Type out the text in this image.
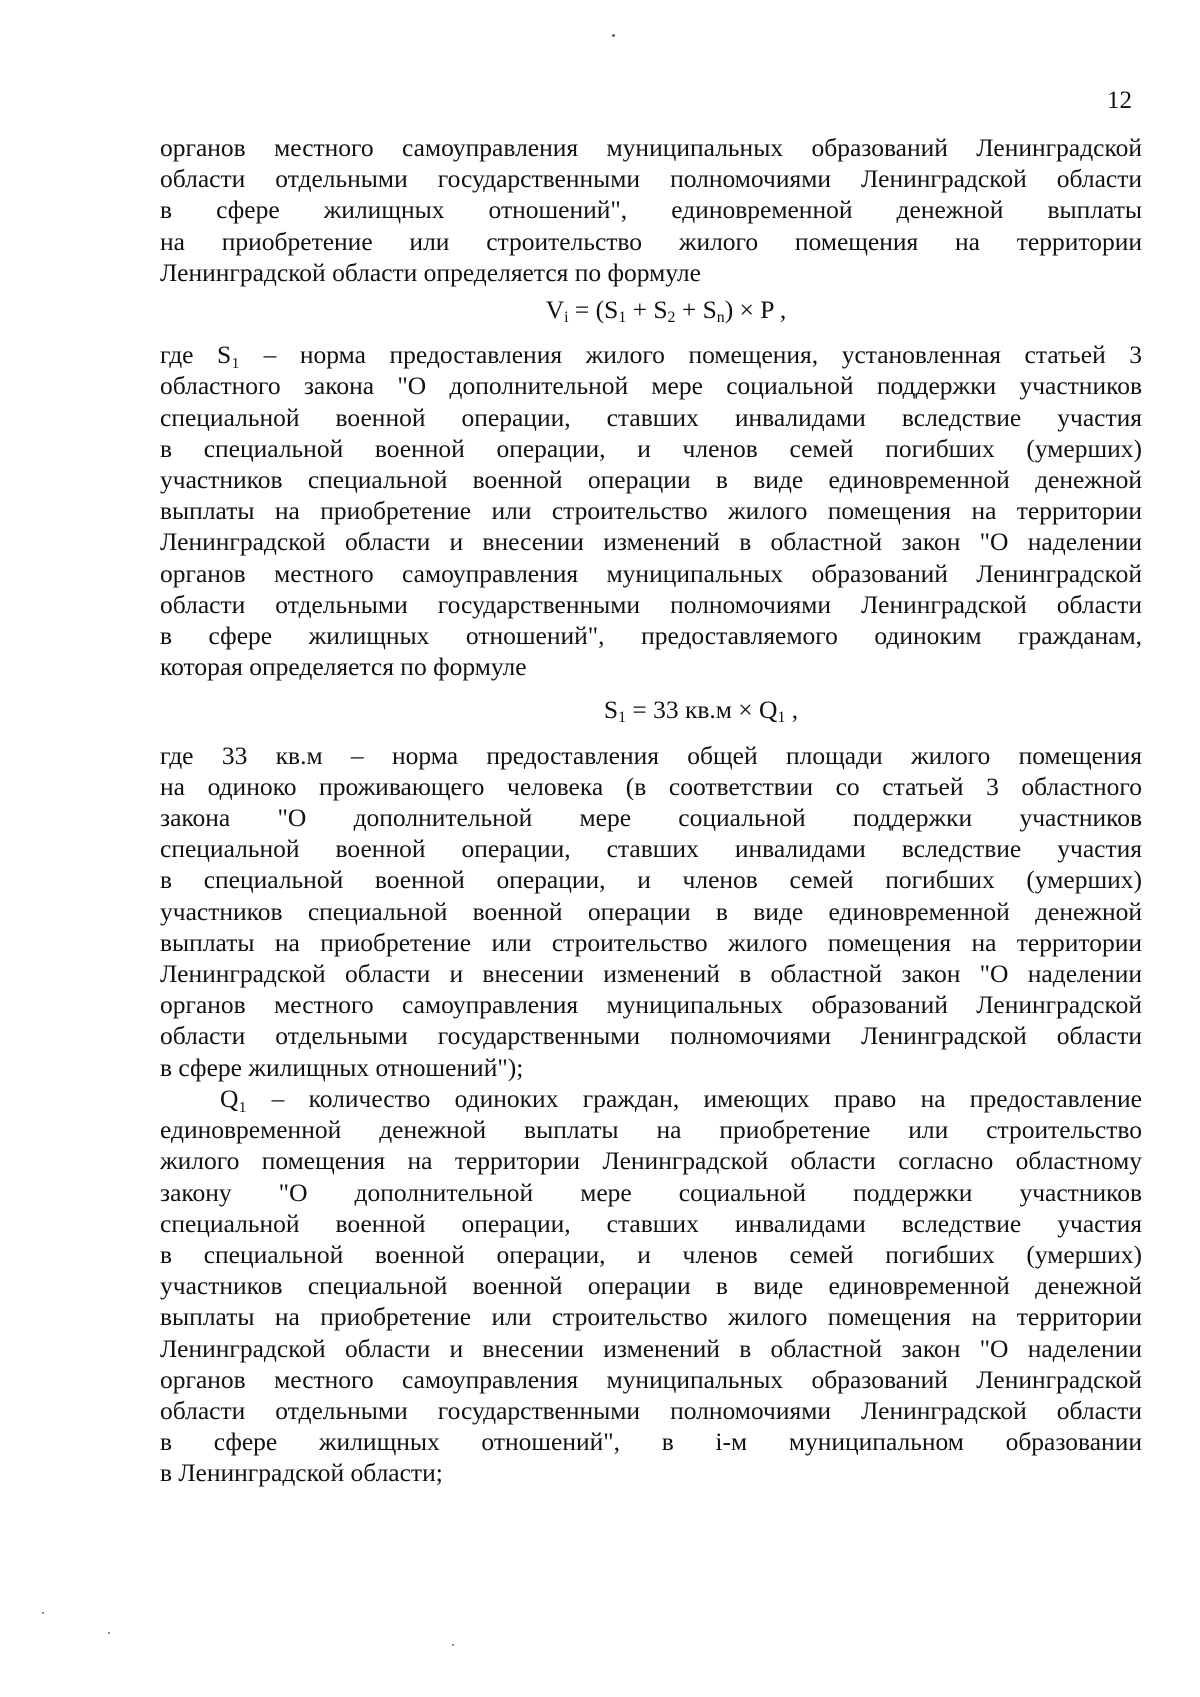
12
органов местного самоуправления муниципальных образований Ленинградской
области отдельными государственными полномочиями Ленинградской области
в сфере жилищных отношений", единовременной денежной выплаты
на приобретение или строительство жилого помещения на территории
Ленинградской области определяется по формуле
$V_i = (S_1 + S_2 + S_n) \times P$ ,
где S₁ – норма предоставления жилого помещения, установленная статьей 3
областного закона "О дополнительной мере социальной поддержки участников
специальной военной операции, ставших инвалидами вследствие участия
в специальной военной операции, и членов семей погибших (умерших)
участников специальной военной операции в виде единовременной денежной
выплаты на приобретение или строительство жилого помещения на территории
Ленинградской области и внесении изменений в областной закон "О наделении
органов местного самоуправления муниципальных образований Ленинградской
области отдельными государственными полномочиями Ленинградской области
в сфере жилищных отношений", предоставляемого одиноким гражданам,
которая определяется по формуле
$S_1 = 33$ $кв.м \times Q_1$ ,
где 33 кв.м – норма предоставления общей площади жилого помещения
на одиноко проживающего человека (в соответствии со статьей 3 областного
закона "О дополнительной мере социальной поддержки участников
специальной военной операции, ставших инвалидами вследствие участия
в специальной военной операции, и членов семей погибших (умерших)
участников специальной военной операции в виде единовременной денежной
выплаты на приобретение или строительство жилого помещения на территории
Ленинградской области и внесении изменений в областной закон "О наделении
органов местного самоуправления муниципальных образований Ленинградской
области отдельными государственными полномочиями Ленинградской области
в сфере жилищных отношений");
Q₁ – количество одиноких граждан, имеющих право на предоставление
единовременной денежной выплаты на приобретение или строительство
жилого помещения на территории Ленинградской области согласно областному
закону "О дополнительной мере социальной поддержки участников
специальной военной операции, ставших инвалидами вследствие участия
в специальной военной операции, и членов семей погибших (умерших)
участников специальной военной операции в виде единовременной денежной
выплаты на приобретение или строительство жилого помещения на территории
Ленинградской области и внесении изменений в областной закон "О наделении
органов местного самоуправления муниципальных образований Ленинградской
области отдельными государственными полномочиями Ленинградской области
в сфере жилищных отношений", в i-м муниципальном образовании
в Ленинградской области;
